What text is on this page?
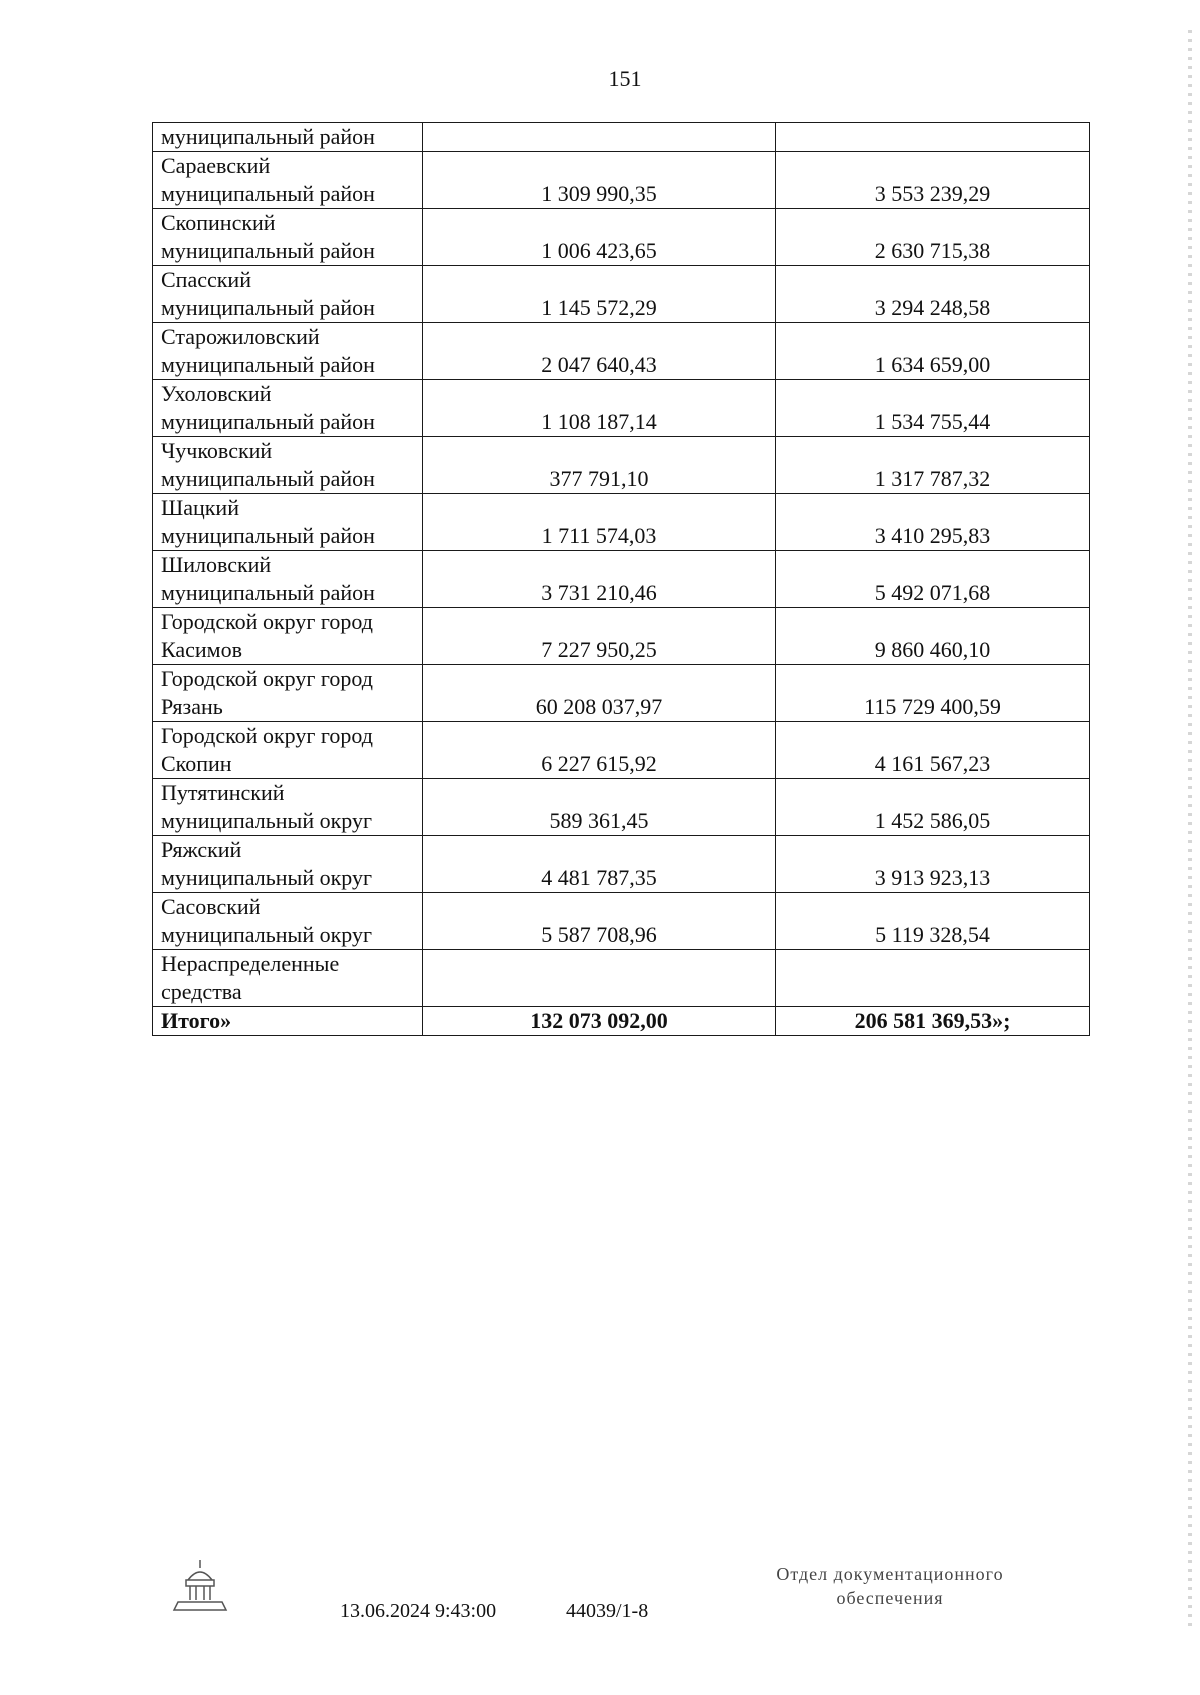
151
муниципальный район		

Сараевский
муниципальный район	1 309 990,35	3 553 239,29

Скопинский
муниципальный район	1 006 423,65	2 630 715,38

Спасский
муниципальный район	1 145 572,29	3 294 248,58

Старожиловский
муниципальный район	2 047 640,43	1 634 659,00

Ухоловский
муниципальный район	1 108 187,14	1 534 755,44

Чучковский
муниципальный район	377 791,10	1 317 787,32

Шацкий
муниципальный район	1 711 574,03	3 410 295,83

Шиловский
муниципальный район	3 731 210,46	5 492 071,68

Городской округ город
Касимов	7 227 950,25	9 860 460,10

Городской округ город
Рязань	60 208 037,97	115 729 400,59

Городской округ город
Скопин	6 227 615,92	4 161 567,23

Путятинский
муниципальный округ	589 361,45	1 452 586,05

Ряжский
муниципальный округ	4 481 787,35	3 913 923,13

Сасовский
муниципальный округ	5 587 708,96	5 119 328,54

Нераспределенные
средства		

Итого»	132 073 092,00	206 581 369,53»;
13.06.2024 9:43:00	44039/1-8
Отдел документационного
обеспечения
